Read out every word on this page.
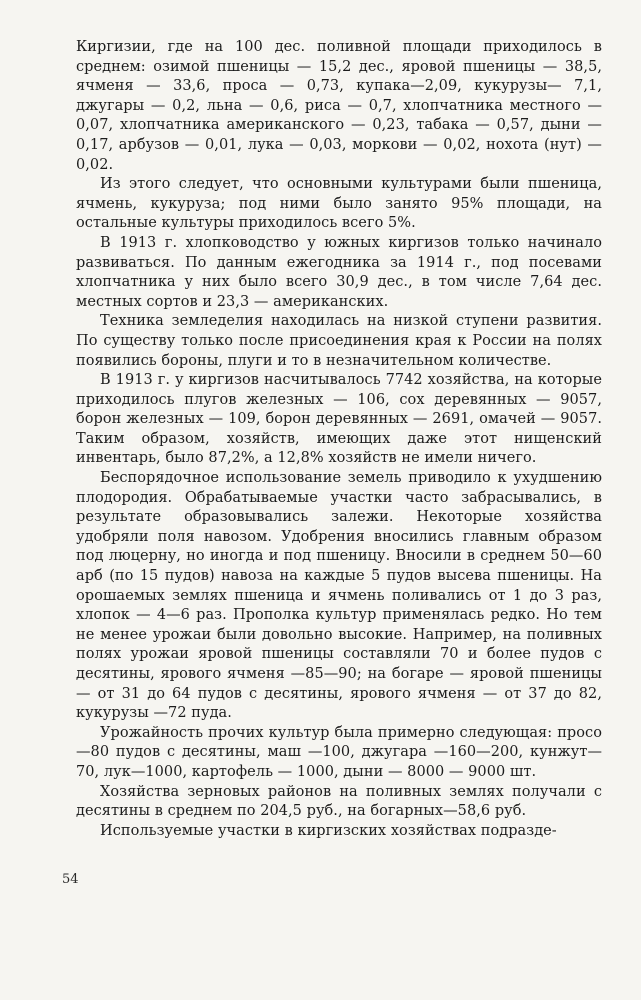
Киргизии, где на 100 дес. поливной площади приходилось в среднем: озимой пшеницы — 15,2 дес., яровой пшеницы — 38,5, ячменя — 33,6, проса — 0,73, купака—2,09, кукурузы— 7,1, джугары — 0,2, льна — 0,6, риса — 0,7, хлопчатника местного — 0,07, хлопчатника американского — 0,23, табака — 0,57, дыни — 0,17, арбузов — 0,01, лука — 0,03, моркови — 0,02, нохота (нут) — 0,02.

Из этого следует, что основными культурами были пшеница, ячмень, кукуруза; под ними было занято 95% площади, на остальные культуры приходилось всего 5%.

В 1913 г. хлопководство у южных киргизов только начинало развиваться. По данным ежегодника за 1914 г., под посевами хлопчатника у них было всего 30,9 дес., в том числе 7,64 дес. местных сортов и 23,3 — американских.

Техника земледелия находилась на низкой ступени развития. По существу только после присоединения края к России на полях появились бороны, плуги и то в незначительном количестве.

В 1913 г. у киргизов насчитывалось 7742 хозяйства, на которые приходилось плугов железных — 106, сох деревянных — 9057, борон железных — 109, борон деревянных — 2691, омачей — 9057. Таким образом, хозяйств, имеющих даже этот нищенский инвентарь, было 87,2%, а 12,8% хозяйств не имели ничего.

Беспорядочное использование земель приводило к ухудшению плодородия. Обрабатываемые участки часто забрасывались, в результате образовывались залежи. Некоторые хозяйства удобряли поля навозом. Удобрения вносились главным образом под люцерну, но иногда и под пшеницу. Вносили в среднем 50—60 арб (по 15 пудов) навоза на каждые 5 пудов высева пшеницы. На орошаемых землях пшеница и ячмень поливались от 1 до 3 раз, хлопок — 4—6 раз. Прополка культур применялась редко. Но тем не менее урожаи были довольно высокие. Например, на поливных полях урожаи яровой пшеницы составляли 70 и более пудов с десятины, ярового ячменя —85—90; на богаре — яровой пшеницы — от 31 до 64 пудов с десятины, ярового ячменя — от 37 до 82, кукурузы —72 пуда.

Урожайность прочих культур была примерно следующая: просо —80 пудов с десятины, маш —100, джугара —160—200, кунжут—70, лук—1000, картофель — 1000, дыни — 8000 — 9000 шт.

Хозяйства зерновых районов на поливных землях получали с десятины в среднем по 204,5 руб., на богарных—58,6 руб.

Используемые участки в киргизских хозяйствах подразде-

54
